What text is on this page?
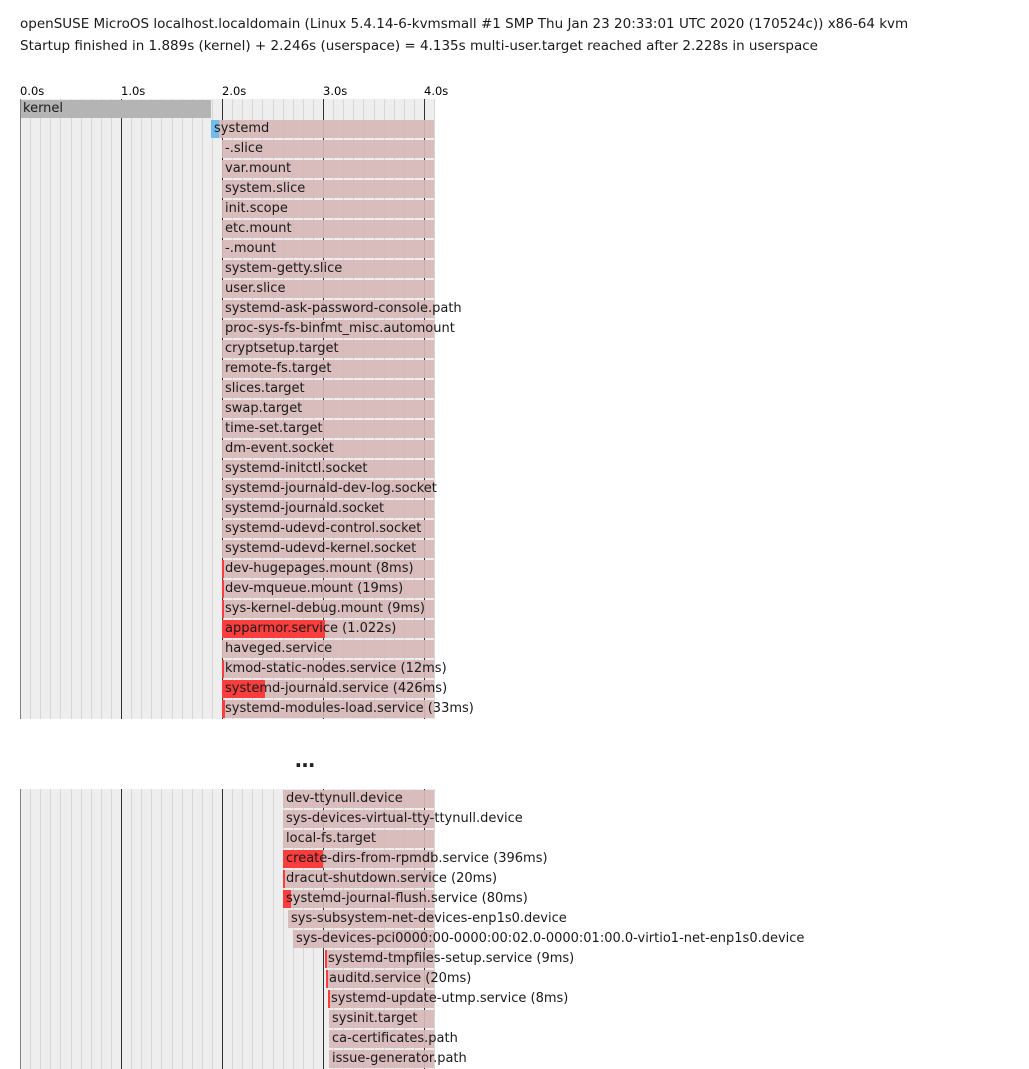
openSUSE MicroOS localhost.localdomain (Linux 5.4.14-6-kvmsmall #1 SMP Thu Jan 23 20:33:01 UTC 2020 (170524c)) x86-64 kvm
Startup finished in 1.889s (kernel) + 2.246s (userspace) = 4.135s multi-user.target reached after 2.228s in userspace
0.0s	1.0s	2.0s	3.0s	4.0s
kernel
systemd
-.slice
var.mount
system.slice
init.scope
etc.mount
-.mount
system-getty.slice
user.slice
systemd-ask-password-console.path
proc-sys-fs-binfmt_misc.automount
cryptsetup.target
remote-fs.target
slices.target
swap.target
time-set.target
dm-event.socket
systemd-initctl.socket
systemd-journald-dev-log.socket
systemd-journald.socket
systemd-udevd-control.socket
systemd-udevd-kernel.socket
dev-hugepages.mount (8ms)
dev-mqueue.mount (19ms)
sys-kernel-debug.mount (9ms)
apparmor.service (1.022s)
haveged.service
kmod-static-nodes.service (12ms)
systemd-journald.service (426ms)
systemd-modules-load.service (33ms)
…
dev-ttynull.device
sys-devices-virtual-tty-ttynull.device
local-fs.target
create-dirs-from-rpmdb.service (396ms)
dracut-shutdown.service (20ms)
systemd-journal-flush.service (80ms)
sys-subsystem-net-devices-enp1s0.device
sys-devices-pci0000:00-0000:00:02.0-0000:01:00.0-virtio1-net-enp1s0.device
systemd-tmpfiles-setup.service (9ms)
auditd.service (20ms)
systemd-update-utmp.service (8ms)
sysinit.target
ca-certificates.path
issue-generator.path
